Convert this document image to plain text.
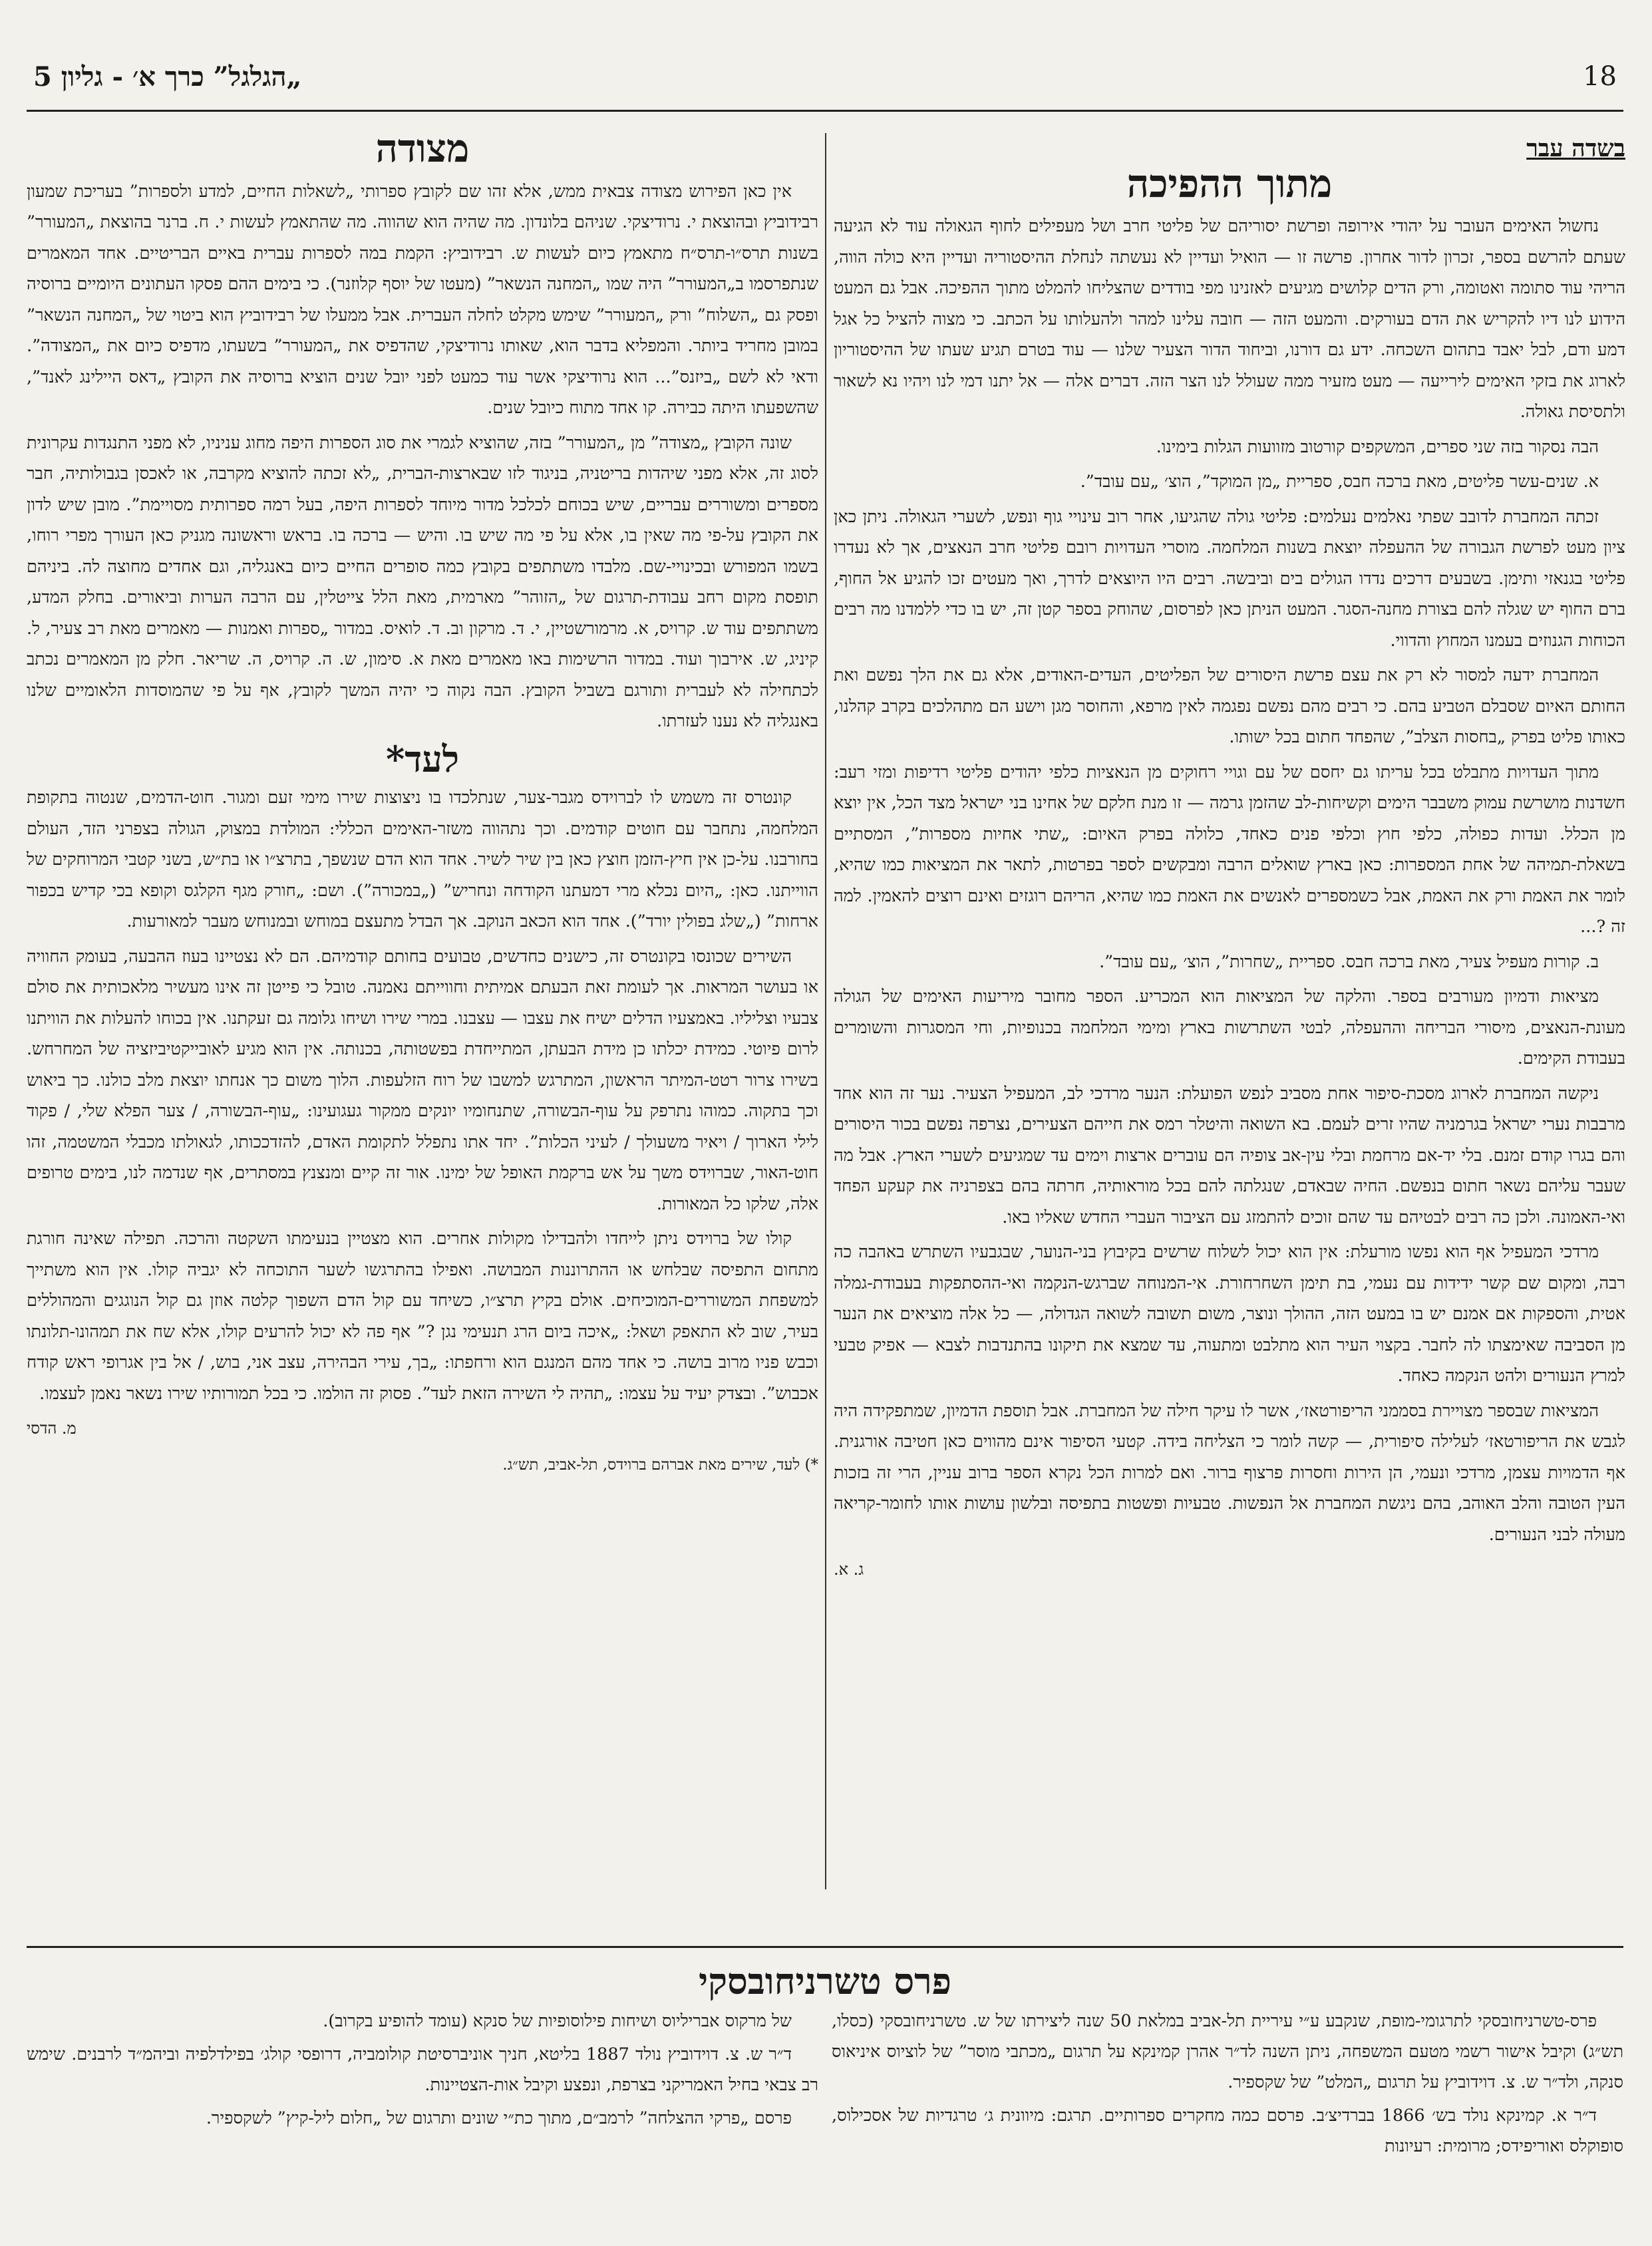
18
„הגלגל” כרך א׳ - גליון 5
בשדה עבר
מתוך ההפיכה

נחשול האימים העובר על יהודי אירופה ופרשת יסוריהם של פליטי חרב ושל מעפילים לחוף הגאולה עוד לא הגיעה שעתם להרשם בספר, זכרון לדור אחרון. פרשה זו — הואיל ועדיין לא נעשתה לנחלת ההיסטוריה ועדיין היא כולה הווה, הריהי עוד סתומה ואטומה, ורק הדים קלושים מגיעים לאזנינו מפי בודדים שהצליחו להמלט מתוך ההפיכה. אבל גם המעט הידוע לנו דיו להקריש את הדם בעורקים. והמעט הזה — חובה עלינו למהר ולהעלותו על הכתב. כי מצוה להציל כל אגל דמע ודם, לבל יאבד בתהום השכחה. ידע גם דורנו, וביחוד הדור הצעיר שלנו — עוד בטרם תגיע שעתו של ההיסטוריון לארוג את בזקי האימים לירייעה — מעט מזעיר ממה שעולל לנו הצר הזה. דברים אלה — אל יתנו דמי לנו ויהיו נא לשאור ולתסיסת גאולה.

הבה נסקור בזה שני ספרים, המשקפים קורטוב מזוועות הגלות בימינו.

א. שנים-עשר פליטים, מאת ברכה חבס, ספריית „מן המוקד”, הוצ׳ „עם עובד”.

זכתה המחברת לדובב שפתי נאלמים נעלמים: פליטי גולה שהגיעו, אחר רוב עינויי גוף ונפש, לשערי הגאולה. ניתן כאן ציון מעט לפרשת הגבורה של ההעפלה יוצאת בשנות המלחמה. מוסרי העדויות רובם פליטי חרב הנאצים, אך לא נעדרו פליטי בגנאזי ותימן. בשבעים דרכים נדדו הגולים בים וביבשה. רבים היו היוצאים לדרך, ואך מעטים זכו להגיע אל החוף, ברם החוף יש שגלה להם בצורת מחנה-הסגר. המעט הניתן כאן לפרסום, שהוחק בספר קטן זה, יש בו כדי ללמדנו מה רבים הכוחות הגנוזים בעמנו המחוץ והדווי.

המחברת ידעה למסור לא רק את עצם פרשת היסורים של הפליטים, העדים-האודים, אלא גם את הלך נפשם ואת החותם האיום שסבלם הטביע בהם. כי רבים מהם נפשם נפגמה לאין מרפא, והחוסר מגן וישע הם מתהלכים בקרב קהלנו, כאותו פליט בפרק „בחסות הצלב”, שהפחד חתום בכל ישותו.

מתוך העדויות מתבלט בכל עריתו גם יחסם של עם וגויי רחוקים מן הנאציות כלפי יהודים פליטי רדיפות ומזי רעב: חשדנות מושרשת עמוק משבבר הימים וקשיחות-לב שהזמן גרמה — זו מנת חלקם של אחינו בני ישראל מצד הכל, אין יוצא מן הכלל. ועדות כפולה, כלפי חוץ וכלפי פנים כאחד, כלולה בפרק האיום: „שתי אחיות מספרות”, המסתיים בשאלת-תמיהה של אחת המספרות: כאן בארץ שואלים הרבה ומבקשים לספר בפרטות, לתאר את המציאות כמו שהיא, לומר את האמת ורק את האמת, אבל כשמספרים לאנשים את האמת כמו שהיא, הריהם רוגזים ואינם רוצים להאמין. למה זה ?...

ב. קורות מעפיל צעיר, מאת ברכה חבס. ספריית „שחרות”, הוצ׳ „עם עובד”.

מציאות ודמיון מעורבים בספר. והלקה של המציאות הוא המכריע. הספר מחובר מיריעות האימים של הגולה מעונת-הנאצים, מיסורי הבריחה וההעפלה, לבטי השתרשות בארץ ומימי המלחמה בכנופיות, וחי המסגרות והשומרים בעבודת הקימים.

ניקשה המחברת לארוג מסכת-סיפור אחת מסביב לנפש הפועלת: הנער מרדכי לב, המעפיל הצעיר. נער זה הוא אחד מרבבות נערי ישראל בגרמניה שהיו זרים לעמם. בא השואה והיטלר רמס את חייהם הצעירים, נצרפה נפשם בכור היסורים והם בגרו קודם זמנם. בלי יד-אם מרחמת ובלי עין-אב צופיה הם עוברים ארצות וימים עד שמגיעים לשערי הארץ. אבל מה שעבר עליהם נשאר חתום בנפשם. החיה שבאדם, שנגלתה להם בכל מוראותיה, חרתה בהם בצפרניה את קעקע הפחד ואי-האמונה. ולכן כה רבים לבטיהם עד שהם זוכים להתמזג עם הציבור העברי החדש שאליו באו.

מרדכי המעפיל אף הוא נפשו מורעלת: אין הוא יכול לשלוח שרשים בקיבוץ בני-הנוער, שבגבעיו השתרש באהבה כה רבה, ומקום שם קשר ידידות עם נעמי, בת תימן השחרחורת. אי-המנוחה שברגש-הנקמה ואי-ההסתפקות בעבודת-גמלה אטית, והספקות אם אמנם יש בו במעט הזה, ההולך ונוצר, משום תשובה לשואה הגדולה, — כל אלה מוציאים את הנער מן הסביבה שאימצתו לה לחבר. בקצוי העיר הוא מתלבט ומתעוה, עד שמצא את תיקונו בהתנדבות לצבא — אפיק טבעי למרץ הנעורים ולהט הנקמה כאחד.

המציאות שבספר מצויירת בסממני הריפורטאז׳, אשר לו עיקר חילה של המחברת. אבל תוספת הדמיון, שמתפקידה היה לגבש את הריפורטאז׳ לעלילה סיפורית, — קשה לומר כי הצליחה בידה. קטעי הסיפור אינם מהווים כאן חטיבה אורגנית. אף הדמויות עצמן, מרדכי ונעמי, הן הירות וחסרות פרצוף ברור. ואם למרות הכל נקרא הספר ברוב עניין, הרי זה בזכות העין הטובה והלב האוהב, בהם ניגשת המחברת אל הנפשות. טבעיות ופשטות בתפיסה ובלשון עושות אותו לחומר-קריאה מעולה לבני הנעורים.

ג. א.
מצודה

אין כאן הפירוש מצודה צבאית ממש, אלא זהו שם לקובץ ספרותי „לשאלות החיים, למדע ולספרות” בעריכת שמעון רבידוביץ ובהוצאת י. נרודיצקי. שניהם בלונדון. מה שהיה הוא שהווה. מה שהתאמץ לעשות י. ח. ברנר בהוצאת „המעורר” בשנות תרס״ו-תרס״ח מתאמץ כיום לעשות ש. רבידוביץ: הקמת במה לספרות עברית באיים הבריטיים. אחד המאמרים שנתפרסמו ב„המעורר” היה שמו „המחנה הנשאר” (מעטו של יוסף קלוזנר). כי בימים ההם פסקו העתונים היומיים ברוסיה ופסק גם „השלוח” ורק „המעורר” שימש מקלט לחלה העברית. אבל ממעלו של רבידוביץ הוא ביטוי של „המחנה הנשאר” במובן מחריד ביותר. והמפליא בדבר הוא, שאותו נרודיצקי, שהדפיס את „המעורר” בשעתו, מדפיס כיום את „המצודה”. ודאי לא לשם „ביזנס”... הוא נרודיצקי אשר עוד כמעט לפני יובל שנים הוציא ברוסיה את הקובץ „דאס היילינג לאנד”, שהשפעתו היתה כבירה. קו אחד מתוח כיובל שנים.

שונה הקובץ „מצודה” מן „המעורר” בזה, שהוציא לגמרי את סוג הספרות היפה מחוג עניניו, לא מפני התנגדות עקרונית לסוג זה, אלא מפני שיהדות בריטניה, בניגוד לזו שבארצות-הברית, „לא זכתה להוציא מקרבה, או לאכסן בגבולותיה, חבר מספרים ומשוררים עבריים, שיש בכוחם לכלכל מדור מיוחד לספרות היפה, בעל רמה ספרותית מסויימת”. מובן שיש לדון את הקובץ על-פי מה שאין בו, אלא על פי מה שיש בו. והיש — ברכה בו. בראש וראשונה מגניק כאן העורך מפרי רוחו, בשמו המפורש ובכינויי-שם. מלבדו משתתפים בקובץ כמה סופרים החיים כיום באנגליה, וגם אחדים מחוצה לה. ביניהם תופסת מקום רחב עבודת-תרגום של „הזוהר” מארמית, מאת הלל צייטלין, עם הרבה הערות וביאורים. בחלק המדע, משתתפים עוד ש. קרויס, א. מרמורשטיין, י. ד. מרקון וב. ד. לואיס. במדור „ספרות ואמנות — מאמרים מאת רב צעיר, ל. קיניג, ש. אירבוך ועוד. במדור הרשימות באו מאמרים מאת א. סימון, ש. ה. קרויס, ה. שריאר. חלק מן המאמרים נכתב לכתחילה לא לעברית ותורגם בשביל הקובץ. הבה נקוה כי יהיה המשך לקובץ, אף על פי שהמוסדות הלאומיים שלנו באנגליה לא נענו לעזרתו.

לעד*

קונטרס זה משמש לו לברוידס מגבר-צער, שנתלכדו בו ניצוצות שירו מימי זעם ומגור. חוט-הדמים, שנטוה בתקופת המלחמה, נתחבר עם חוטים קודמים. וכך נתהווה משזר-האימים הכללי: המולדת במצוק, הגולה בצפרני הזד, העולם בחורבנו. על-כן אין חיץ-הזמן חוצץ כאן בין שיר לשיר. אחד הוא הדם שנשפך, בתרצ״ו או בת״ש, בשני קטבי המרוחקים של הווייתנו. כאן: „היום נכלא מרי דמעתנו הקודחה ונחריש” („במכורה”). ושם: „חורק מגף הקלגס וקופא בכי קדיש בכפור ארחות” („שלג בפולין יורד”). אחד הוא הכאב הנוקב. אך הבדל מתעצם במוחש ובמנוחש מעבר למאורעות.

השירים שכונסו בקונטרס זה, כישנים כחדשים, טבועים בחותם קודמיהם. הם לא נצטיינו בעוז ההבעה, בעומק החוויה או בעושר המראות. אך לעומת זאת הבעתם אמיתית וחווייתם נאמנה. טובל כי פייטן זה אינו מעשיר מלאכותית את סולם צבעיו וצליליו. באמצעיו הדלים ישיח את עצבו — עצבנו. במרי שירו ושיחו גלומה גם זעקתנו. אין בכוחו להעלות את הוויתנו לרום פיוטי. כמידת יכלתו כן מידת הבעתן, המתייחדת בפשטותה, בכנותה. אין הוא מגיע לאובייקטיביזציה של המחרחש. בשירו צרור רטט-המיתר הראשון, המתרגש למשבו של רוח הזלעפות. הלוך משום כך אנחתו יוצאת מלב כולנו. כך ביאוש וכך בתקוה. כמוהו נתרפק על עוף-הבשורה, שתנחומיו יונקים ממקור געגועינו: „עוף-הבשורה, / צער הפלא שלי, / פקוד לילי הארוך / ויאיר משעולך / לעיני הכלות”. יחד אתו נתפלל לתקומת האדם, להזדככותו, לגאולתו מכבלי המשטמה, זהו חוט-האור, שברוידס משך על אש ברקמת האופל של ימינו. אור זה קיים ומנצנץ במסתרים, אף שנדמה לנו, בימים טרופים אלה, שלקו כל המאורות.

קולו של ברוידס ניתן לייחדו ולהבדילו מקולות אחרים. הוא מצטיין בנעימתו השקטה והרכה. תפילה שאינה חורגת מתחום התפיסה שבלחש או ההתרוננות המבושה. ואפילו בהתרגשו לשער התוכחה לא יגביה קולו. אין הוא משתייך למשפחת המשוררים-המוכיחים. אולם בקיץ תרצ״ו, כשיחד עם קול הדם השפוך קלטה אוזן גם קול הנוגגים והמהוללים בעיר, שוב לא התאפק ושאל: „איכה ביום הרג תנעימי נגן ?” אף פה לא יכול להרעים קולו, אלא שח את תמהונו-תלונתו וכבש פניו מרוב בושה. כי אחד מהם המנגם הוא ורחפתו: „בך, עירי הבהירה, עצב אני, בוש, / אל בין אגרופי ראש קודח אכבוש”. ובצדק יעיד על עצמו: „תהיה לי השירה הזאת לעד”. פסוק זה הולמו. כי בכל תמורותיו שירו נשאר נאמן לעצמו.

מ. הדסי

*) לעד, שירים מאת אברהם ברוידס, תל-אביב, תש״ג.

פרס טשרניחובסקי

פרס-טשרניחובסקי לתרגומי-מופת, שנקבע ע״י עיריית תל-אביב במלאת 50 שנה ליצירתו של ש. טשרניחובסקי (כסלו, תש״ג) וקיבל אישור רשמי מטעם המשפחה, ניתן השנה לד״ר אהרן קמינקא על תרגום „מכתבי מוסר” של לוציוס איניאוס סנקה, ולד״ר ש. צ. דוידוביץ על תרגום „המלט” של שקספיר.

ד״ר א. קמינקא נולד בש׳ 1866 בברדיצ׳ב. פרסם כמה מחקרים ספרותיים. תרגם: מיוונית ג׳ טרגדיות של אסכילוס, סופוקלס ואוריפידס; מרומית: רעיונות

של מרקוס אבריליוס ושיחות פילוסופיות של סנקא (עומד להופיע בקרוב).

ד״ר ש. צ. דוידוביץ נולד 1887 בליטא, חניך אוניברסיטת קולומביה, דרופסי קולג׳ בפילדלפיה וביהמ״ד לרבנים. שימש רב צבאי בחיל האמריקני בצרפת, ונפצע וקיבל אות-הצטיינות.

פרסם „פרקי ההצלחה” לרמב״ם, מתוך כת״י שונים ותרגום של „חלום ליל-קיץ” לשקספיר.
